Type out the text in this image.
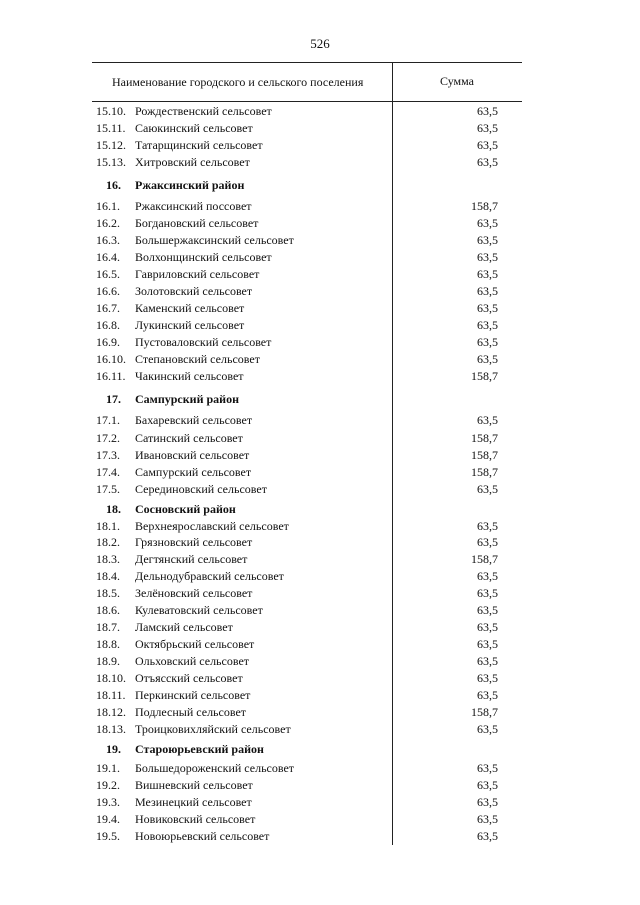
526
Наименование городского и сельского поселения	Сумма
15.10. Рождественский сельсовет	63,5
15.11. Саюкинский сельсовет	63,5
15.12. Татарщинский сельсовет	63,5
15.13. Хитровский сельсовет	63,5
16. Ржаксинский район
16.1. Ржаксинский поссовет	158,7
16.2. Богдановский сельсовет	63,5
16.3. Большержаксинский сельсовет	63,5
16.4. Волхонщинский сельсовет	63,5
16.5. Гавриловский сельсовет	63,5
16.6. Золотовский сельсовет	63,5
16.7. Каменский сельсовет	63,5
16.8. Лукинский сельсовет	63,5
16.9. Пустоваловский сельсовет	63,5
16.10. Степановский сельсовет	63,5
16.11. Чакинский сельсовет	158,7
17. Сампурский район
17.1. Бахаревский сельсовет	63,5
17.2. Сатинский сельсовет	158,7
17.3. Ивановский сельсовет	158,7
17.4. Сампурский сельсовет	158,7
17.5. Серединовский сельсовет	63,5
18. Сосновский район
18.1. Верхнеярославский сельсовет	63,5
18.2. Грязновский сельсовет	63,5
18.3. Дегтянский сельсовет	158,7
18.4. Дельнодубравский сельсовет	63,5
18.5. Зелёновский сельсовет	63,5
18.6. Кулеватовский сельсовет	63,5
18.7. Ламский сельсовет	63,5
18.8. Октябрьский сельсовет	63,5
18.9. Ольховский сельсовет	63,5
18.10. Отъясский сельсовет	63,5
18.11. Перкинский сельсовет	63,5
18.12. Подлесный сельсовет	158,7
18.13. Троицковихляйский сельсовет	63,5
19. Староюрьевский район
19.1. Большедороженский сельсовет	63,5
19.2. Вишневский сельсовет	63,5
19.3. Мезинецкий сельсовет	63,5
19.4. Новиковский сельсовет	63,5
19.5. Новоюрьевский сельсовет	63,5
